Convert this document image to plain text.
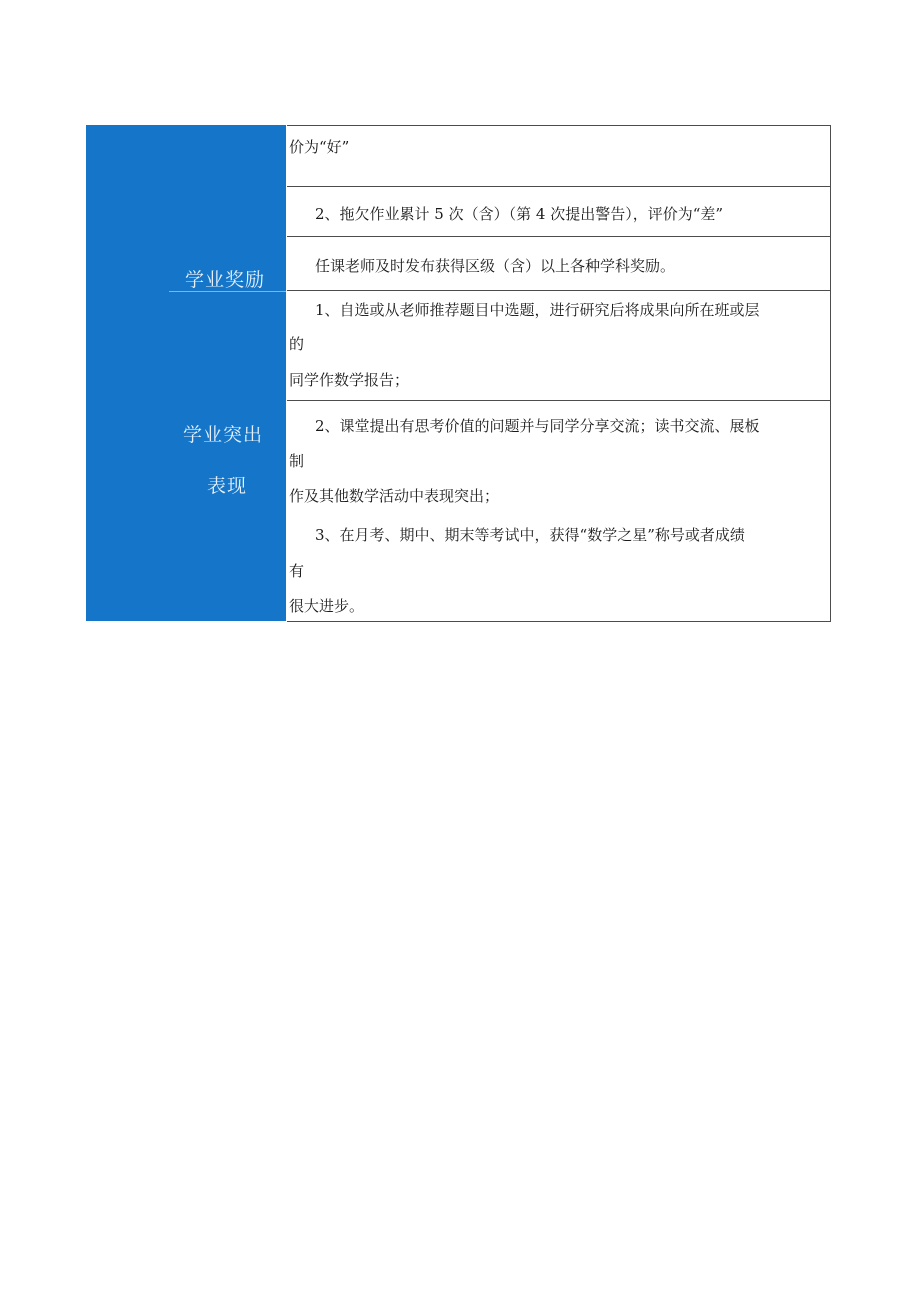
学业奖励
学业突出
表现
价为“好”
2、拖欠作业累计 5 次（含）（第 4 次提出警告），评价为“差”
任课老师及时发布获得区级（含）以上各种学科奖励。
1、自选或从老师推荐题目中选题，进行研究后将成果向所在班或层
的
同学作数学报告；
2、课堂提出有思考价值的问题并与同学分享交流；读书交流、展板
制
作及其他数学活动中表现突出；
3、在月考、期中、期末等考试中，获得“数学之星”称号或者成绩
有
很大进步。
